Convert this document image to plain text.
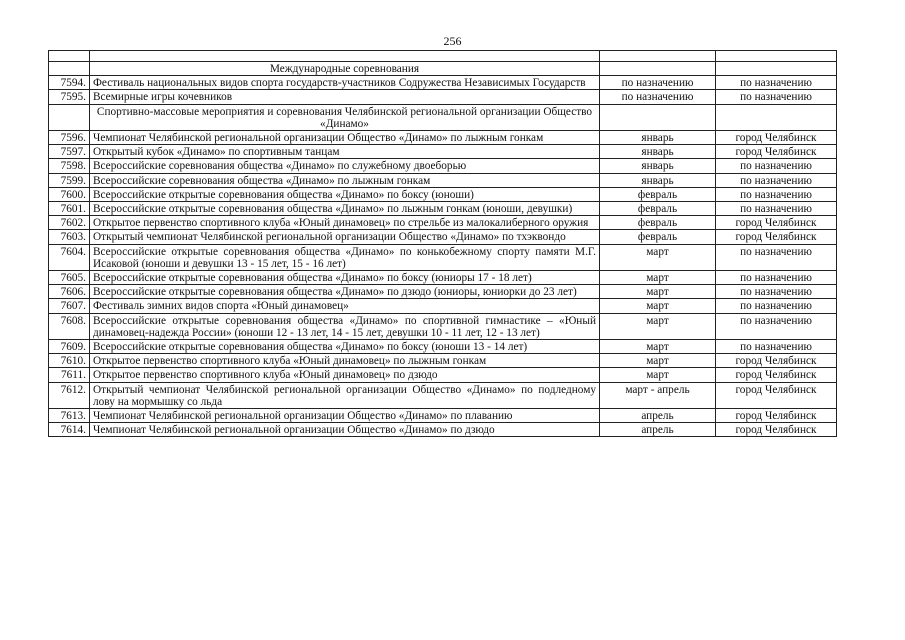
256

	Международные соревнования		
7594.	Фестиваль национальных видов спорта государств-участников Содружества Независимых Государств	по назначению	по назначению
7595.	Всемирные игры кочевников	по назначению	по назначению
	Спортивно-массовые мероприятия и соревнования Челябинской региональной организации Общество «Динамо»		
7596.	Чемпионат Челябинской региональной организации Общество «Динамо» по лыжным гонкам	январь	город Челябинск
7597.	Открытый кубок «Динамо» по спортивным танцам	январь	город Челябинск
7598.	Всероссийские соревнования общества «Динамо» по служебному двоеборью	январь	по назначению
7599.	Всероссийские соревнования общества «Динамо» по лыжным гонкам	январь	по назначению
7600.	Всероссийские открытые соревнования общества «Динамо» по боксу (юноши)	февраль	по назначению
7601.	Всероссийские открытые соревнования общества «Динамо» по лыжным гонкам (юноши, девушки)	февраль	по назначению
7602.	Открытое первенство спортивного клуба «Юный динамовец» по стрельбе из малокалиберного оружия	февраль	город Челябинск
7603.	Открытый чемпионат Челябинской региональной организации Общество «Динамо» по тхэквондо	февраль	город Челябинск
7604.	Всероссийские открытые соревнования общества «Динамо» по конькобежному спорту памяти М.Г. Исаковой (юноши и девушки 13 - 15 лет, 15 - 16 лет)	март	по назначению
7605.	Всероссийские открытые соревнования общества «Динамо» по боксу (юниоры 17 - 18 лет)	март	по назначению
7606.	Всероссийские открытые соревнования общества «Динамо» по дзюдо (юниоры, юниорки до 23 лет)	март	по назначению
7607.	Фестиваль зимних видов спорта «Юный динамовец»	март	по назначению
7608.	Всероссийские открытые соревнования общества «Динамо» по спортивной гимнастике – «Юный динамовец-надежда России» (юноши 12 - 13 лет, 14 - 15 лет, девушки 10 - 11 лет, 12 - 13 лет)	март	по назначению
7609.	Всероссийские открытые соревнования общества «Динамо» по боксу (юноши 13 - 14 лет)	март	по назначению
7610.	Открытое первенство спортивного клуба «Юный динамовец» по лыжным гонкам	март	город Челябинск
7611.	Открытое первенство спортивного клуба «Юный динамовец» по дзюдо	март	город Челябинск
7612.	Открытый чемпионат Челябинской региональной организации Общество «Динамо» по подледному лову на мормышку со льда	март - апрель	город Челябинск
7613.	Чемпионат Челябинской региональной организации Общество «Динамо» по плаванию	апрель	город Челябинск
7614.	Чемпионат Челябинской региональной организации Общество «Динамо» по дзюдо	апрель	город Челябинск
